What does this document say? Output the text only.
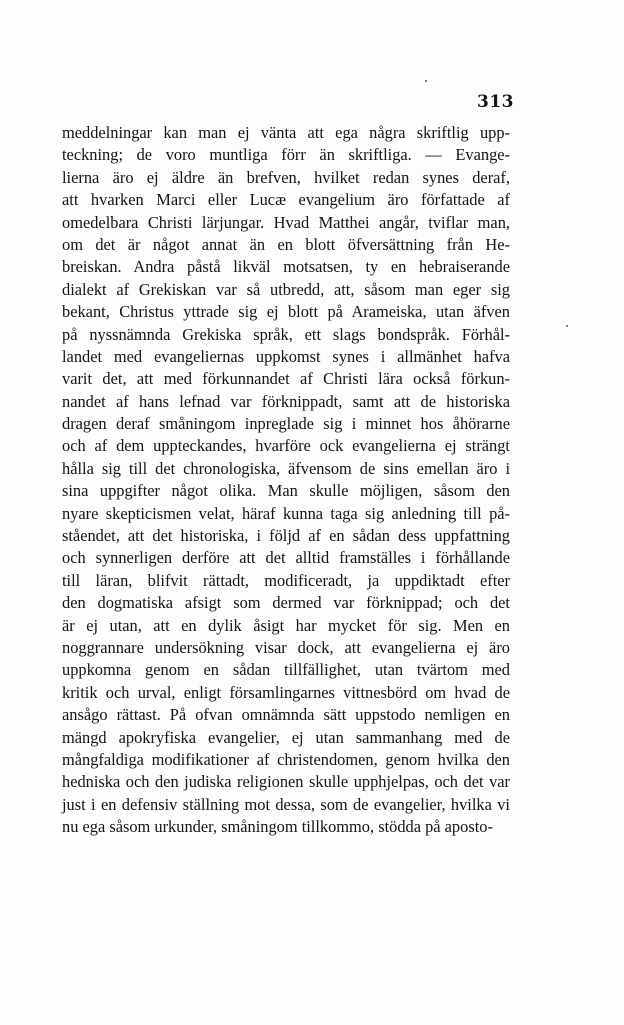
313
meddelningar kan man ej vänta att ega några skriftlig upp-
teckning; de voro muntliga förr än skriftliga. — Evange-
lierna äro ej äldre än brefven, hvilket redan synes deraf,
att hvarken Marci eller Lucæ evangelium äro författade af
omedelbara Christi lärjungar. Hvad Matthei angår, tviflar man,
om det är något annat än en blott öfversättning från He-
breiskan. Andra påstå likväl motsatsen, ty en hebraiserande
dialekt af Grekiskan var så utbredd, att, såsom man eger sig
bekant, Christus yttrade sig ej blott på Arameiska, utan äfven
på nyssnämnda Grekiska språk, ett slags bondspråk. Förhål-
landet med evangeliernas uppkomst synes i allmänhet hafva
varit det, att med förkunnandet af Christi lära också förkun-
nandet af hans lefnad var förknippadt, samt att de historiska
dragen deraf småningom inpreglade sig i minnet hos åhörarne
och af dem uppteckandes, hvarföre ock evangelierna ej strängt
hålla sig till det chronologiska, äfvensom de sins emellan äro i
sina uppgifter något olika. Man skulle möjligen, såsom den
nyare skepticismen velat, häraf kunna taga sig anledning till på-
ståendet, att det historiska, i följd af en sådan dess uppfattning
och synnerligen derföre att det alltid framställes i förhållande
till läran, blifvit rättadt, modificeradt, ja uppdiktadt efter
den dogmatiska afsigt som dermed var förknippad; och det
är ej utan, att en dylik åsigt har mycket för sig. Men en
noggrannare undersökning visar dock, att evangelierna ej äro
uppkomna genom en sådan tillfällighet, utan tvärtom med
kritik och urval, enligt församlingarnes vittnesbörd om hvad de
ansågo rättast. På ofvan omnämnda sätt uppstodo nemligen en
mängd apokryfiska evangelier, ej utan sammanhang med de
mångfaldiga modifikationer af christendomen, genom hvilka den
hedniska och den judiska religionen skulle upphjelpas, och det var
just i en defensiv ställning mot dessa, som de evangelier, hvilka vi
nu ega såsom urkunder, småningom tillkommo, stödda på aposto-
